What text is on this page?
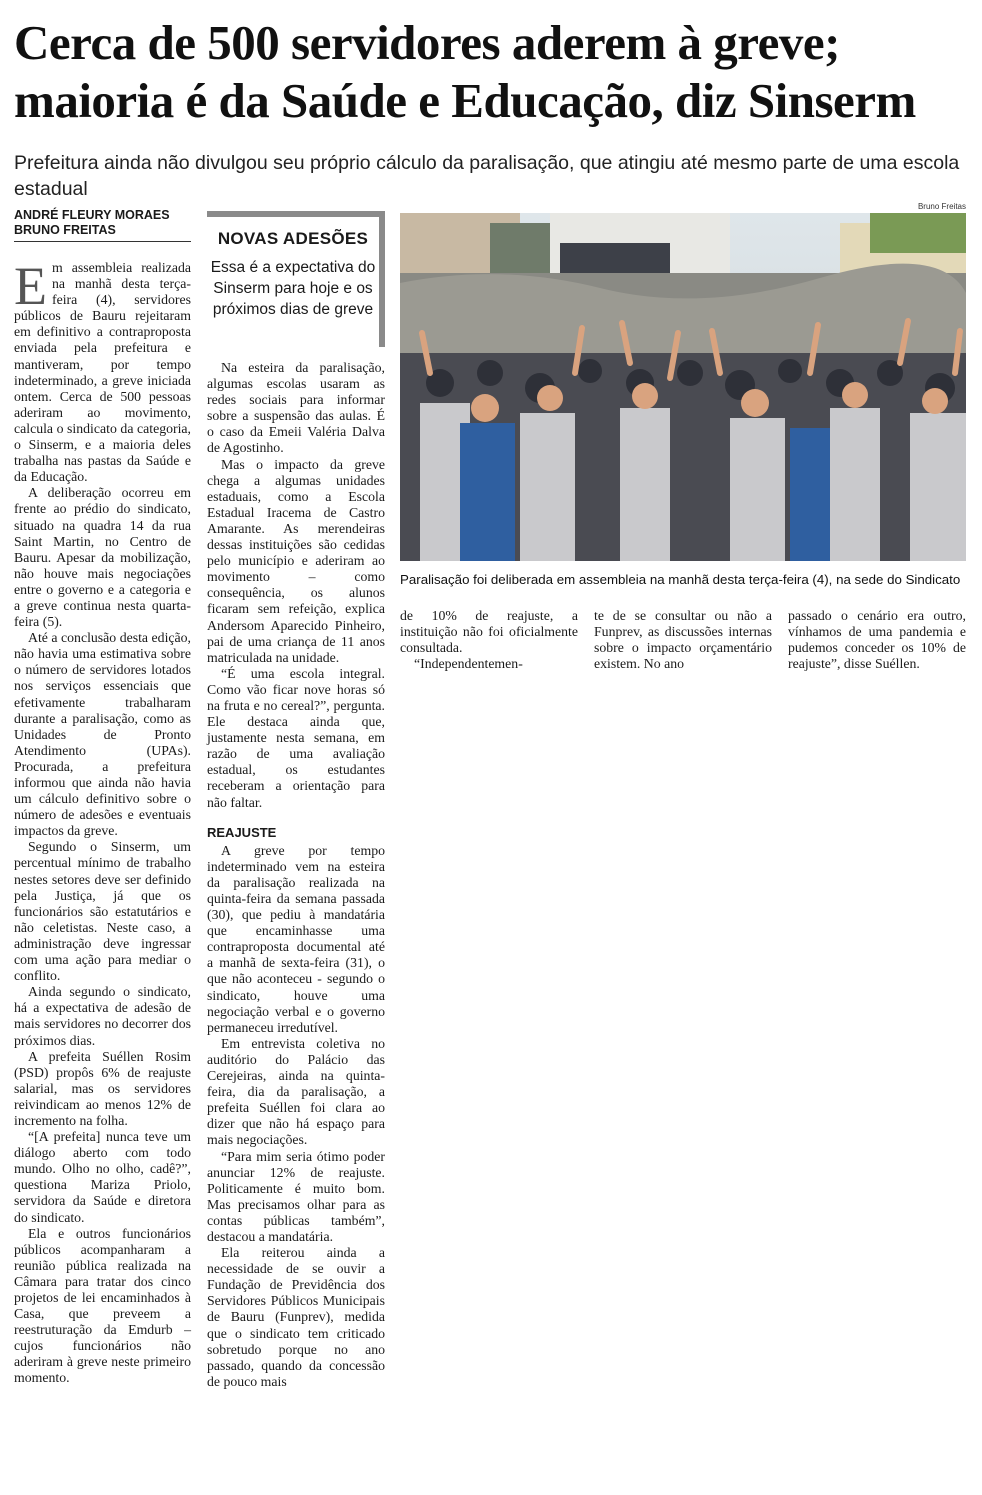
Cerca de 500 servidores aderem à greve; maioria é da Saúde e Educação, diz Sinserm

Prefeitura ainda não divulgou seu próprio cálculo da paralisação, que atingiu até mesmo parte de uma escola estadual

ANDRÉ FLEURY MORAES
BRUNO FREITAS

Em assembleia realizada na manhã desta terça-feira (4), servidores públicos de Bauru rejeitaram em definitivo a contraproposta enviada pela prefeitura e mantiveram, por tempo indeterminado, a greve iniciada ontem. Cerca de 500 pessoas aderiram ao movimento, calcula o sindicato da categoria, o Sinserm, e a maioria deles trabalha nas pastas da Saúde e da Educação.

A deliberação ocorreu em frente ao prédio do sindicato, situado na quadra 14 da rua Saint Martin, no Centro de Bauru. Apesar da mobilização, não houve mais negociações entre o governo e a categoria e a greve continua nesta quarta-feira (5).

Até a conclusão desta edição, não havia uma estimativa sobre o número de servidores lotados nos serviços essenciais que efetivamente trabalharam durante a paralisação, como as Unidades de Pronto Atendimento (UPAs). Procurada, a prefeitura informou que ainda não havia um cálculo definitivo sobre o número de adesões e eventuais impactos da greve.

Segundo o Sinserm, um percentual mínimo de trabalho nestes setores deve ser definido pela Justiça, já que os funcionários são estatutários e não celetistas. Neste caso, a administração deve ingressar com uma ação para mediar o conflito.

Ainda segundo o sindicato, há a expectativa de adesão de mais servidores no decorrer dos próximos dias.

A prefeita Suéllen Rosim (PSD) propôs 6% de reajuste salarial, mas os servidores reivindicam ao menos 12% de incremento na folha.

“[A prefeita] nunca teve um diálogo aberto com todo mundo. Olho no olho, cadê?”, questiona Mariza Priolo, servidora da Saúde e diretora do sindicato.

Ela e outros funcionários públicos acompanharam a reunião pública realizada na Câmara para tratar dos cinco projetos de lei encaminhados à Casa, que preveem a reestruturação da Emdurb – cujos funcionários não aderiram à greve neste primeiro momento.

NOVAS ADESÕES
Essa é a expectativa do Sinserm para hoje e os próximos dias de greve

Na esteira da paralisação, algumas escolas usaram as redes sociais para informar sobre a suspensão das aulas. É o caso da Emeii Valéria Dalva de Agostinho.

Mas o impacto da greve chega a algumas unidades estaduais, como a Escola Estadual Iracema de Castro Amarante. As merendeiras dessas instituições são cedidas pelo município e aderiram ao movimento – como consequência, os alunos ficaram sem refeição, explica Andersom Aparecido Pinheiro, pai de uma criança de 11 anos matriculada na unidade.

“É uma escola integral. Como vão ficar nove horas só na fruta e no cereal?”, pergunta. Ele destaca ainda que, justamente nesta semana, em razão de uma avaliação estadual, os estudantes receberam a orientação para não faltar.

REAJUSTE

A greve por tempo indeterminado vem na esteira da paralisação realizada na quinta-feira da semana passada (30), que pediu à mandatária que encaminhasse uma contraproposta documental até a manhã de sexta-feira (31), o que não aconteceu - segundo o sindicato, houve uma negociação verbal e o governo permaneceu irredutível.

Em entrevista coletiva no auditório do Palácio das Cerejeiras, ainda na quinta-feira, dia da paralisação, a prefeita Suéllen foi clara ao dizer que não há espaço para mais negociações.

“Para mim seria ótimo poder anunciar 12% de reajuste. Politicamente é muito bom. Mas precisamos olhar para as contas públicas também”, destacou a mandatária.

Ela reiterou ainda a necessidade de se ouvir a Fundação de Previdência dos Servidores Públicos Municipais de Bauru (Funprev), medida que o sindicato tem criticado sobretudo porque no ano passado, quando da concessão de pouco mais

Bruno Freitas
Paralisação foi deliberada em assembleia na manhã desta terça-feira (4), na sede do Sindicato

de 10% de reajuste, a instituição não foi oficialmente consultada.

“Independentemen-

te de se consultar ou não a Funprev, as discussões internas sobre o impacto orçamentário existem. No ano

passado o cenário era outro, vínhamos de uma pandemia e pudemos conceder os 10% de reajuste”, disse Suéllen.
